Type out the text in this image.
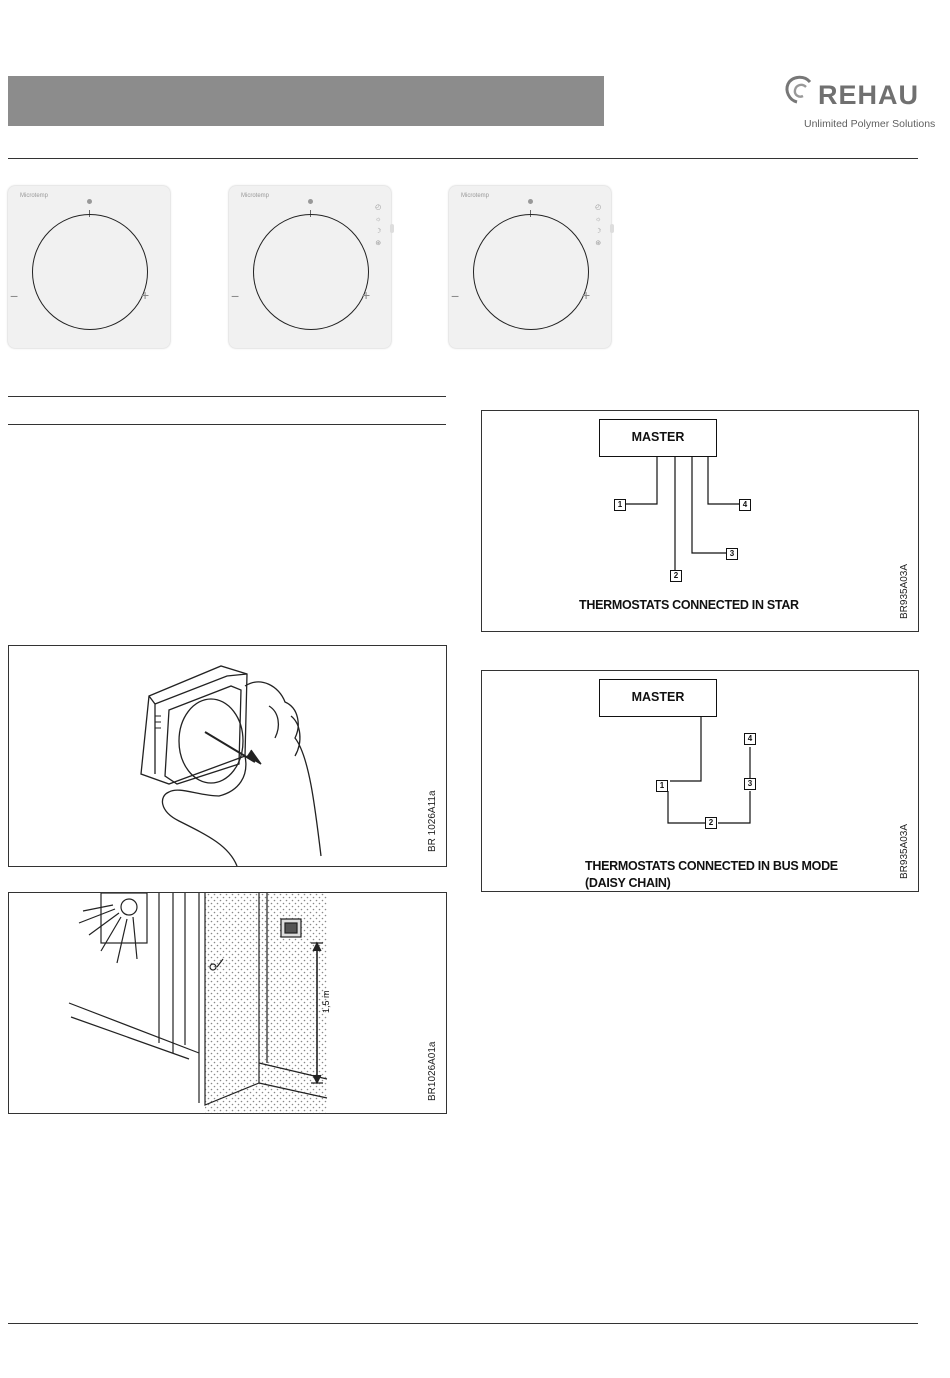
REHAU
Unlimited Polymer Solutions
Microtemp
−	+
Microtemp
−	+
◴
☼
☽
⊛
Microtemp
−	+
◴
☼
☽
⊛
BR 1026A11a
1,5 m
BR1026A01a
MASTER
1
2
3
4
THERMOSTATS CONNECTED IN STAR	BR935A03A
MASTER
1
2
3
4
THERMOSTATS CONNECTED IN BUS MODE
(DAISY CHAIN)
BR935A03A
